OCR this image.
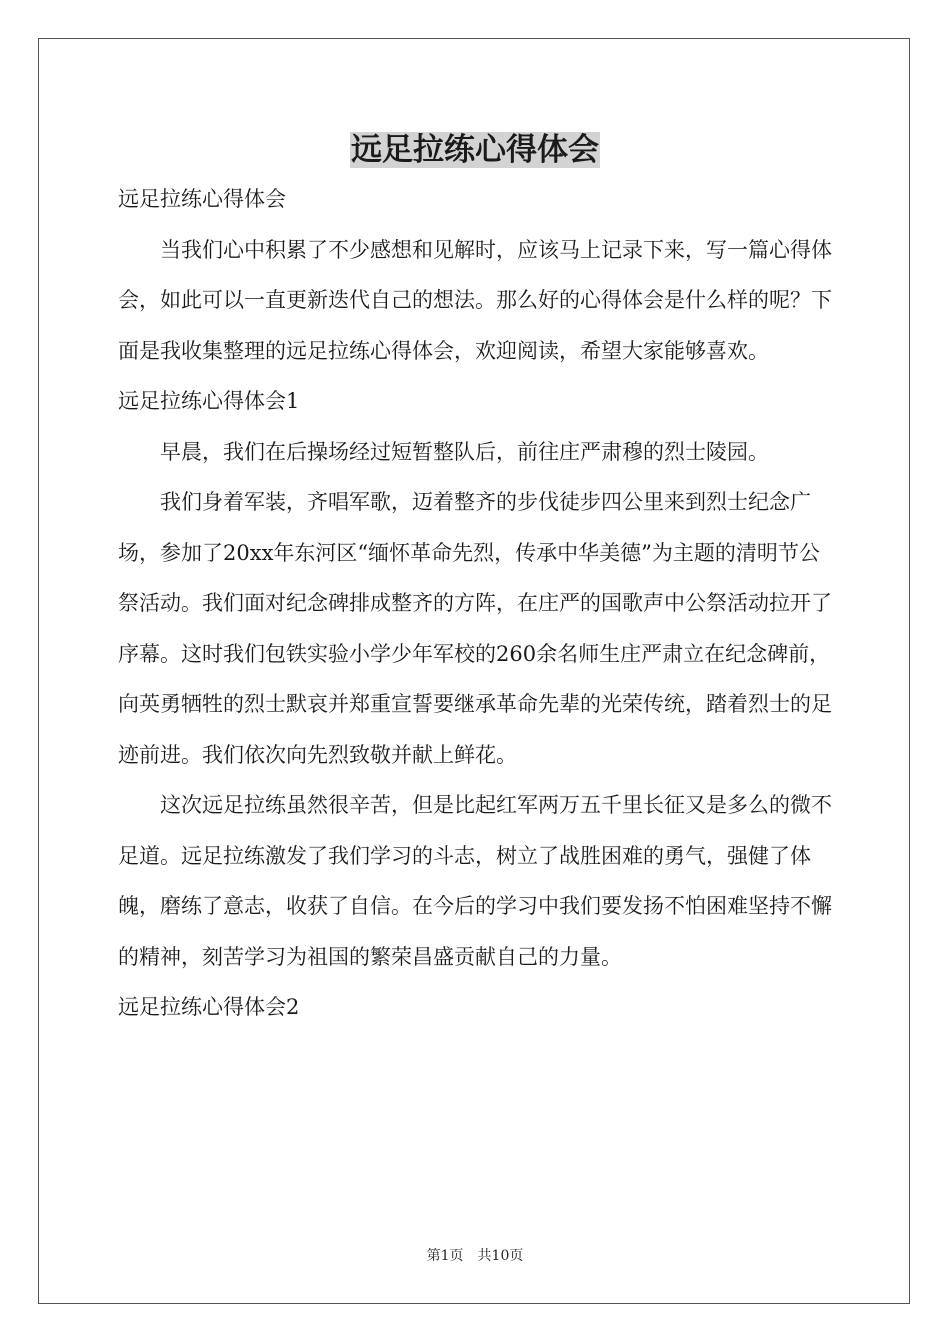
远足拉练心得体会

远足拉练心得体会

当我们心中积累了不少感想和见解时，应该马上记录下来，写一篇心得体会，如此可以一直更新迭代自己的想法。那么好的心得体会是什么样的呢？下面是我收集整理的远足拉练心得体会，欢迎阅读，希望大家能够喜欢。

远足拉练心得体会1

早晨，我们在后操场经过短暂整队后，前往庄严肃穆的烈士陵园。

我们身着军装，齐唱军歌，迈着整齐的步伐徒步四公里来到烈士纪念广场，参加了20xx年东河区“缅怀革命先烈，传承中华美德”为主题的清明节公祭活动。我们面对纪念碑排成整齐的方阵，在庄严的国歌声中公祭活动拉开了序幕。这时我们包铁实验小学少年军校的260余名师生庄严肃立在纪念碑前，向英勇牺牲的烈士默哀并郑重宣誓要继承革命先辈的光荣传统，踏着烈士的足迹前进。我们依次向先烈致敬并献上鲜花。

这次远足拉练虽然很辛苦，但是比起红军两万五千里长征又是多么的微不足道。远足拉练激发了我们学习的斗志，树立了战胜困难的勇气，强健了体魄，磨练了意志，收获了自信。在今后的学习中我们要发扬不怕困难坚持不懈的精神，刻苦学习为祖国的繁荣昌盛贡献自己的力量。

远足拉练心得体会2

第1页　共10页
